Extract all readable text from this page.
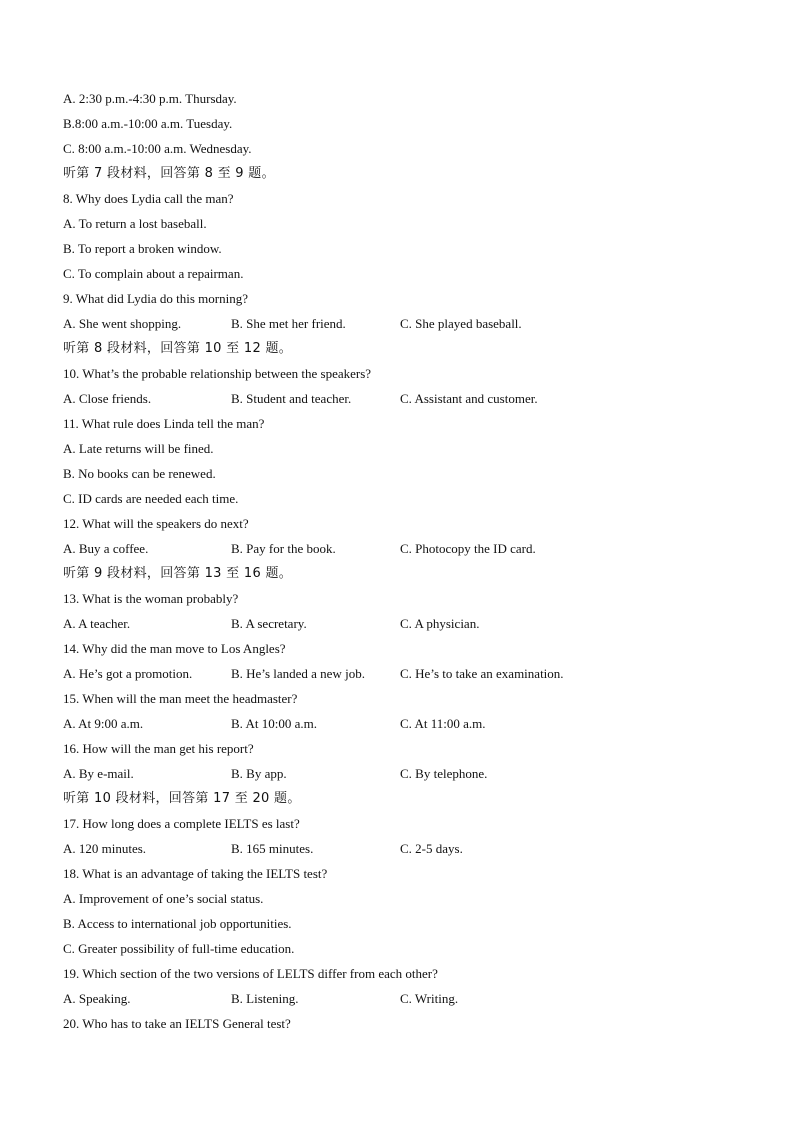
A. 2:30 p.m.-4:30 p.m. Thursday.
B.8:00 a.m.-10:00 a.m. Tuesday.
C. 8:00 a.m.-10:00 a.m. Wednesday.
听第 7 段材料，回答第 8 至 9 题。
8. Why does Lydia call the man?
A. To return a lost baseball.
B. To report a broken window.
C. To complain about a repairman.
9. What did Lydia do this morning?
A. She went shopping.	B. She met her friend.	C. She played baseball.
听第 8 段材料，回答第 10 至 12 题。
10. What’s the probable relationship between the speakers?
A. Close friends.	B. Student and teacher.	C. Assistant and customer.
11. What rule does Linda tell the man?
A. Late returns will be fined.
B. No books can be renewed.
C. ID cards are needed each time.
12. What will the speakers do next?
A. Buy a coffee.	B. Pay for the book.	C. Photocopy the ID card.
听第 9 段材料，回答第 13 至 16 题。
13. What is the woman probably?
A. A teacher.	B. A secretary.	C. A physician.
14. Why did the man move to Los Angles?
A. He’s got a promotion.	B. He’s landed a new job.	C. He’s to take an examination.
15. When will the man meet the headmaster?
A. At 9:00 a.m.	B. At 10:00 a.m.	C. At 11:00 a.m.
16. How will the man get his report?
A. By e-mail.	B. By app.	C. By telephone.
听第 10 段材料，回答第 17 至 20 题。
17. How long does a complete IELTS es last?
A. 120 minutes.	B. 165 minutes.	C. 2-5 days.
18. What is an advantage of taking the IELTS test?
A. Improvement of one’s social status.
B. Access to international job opportunities.
C. Greater possibility of full-time education.
19. Which section of the two versions of LELTS differ from each other?
A. Speaking.	B. Listening.	C. Writing.
20. Who has to take an IELTS General test?
